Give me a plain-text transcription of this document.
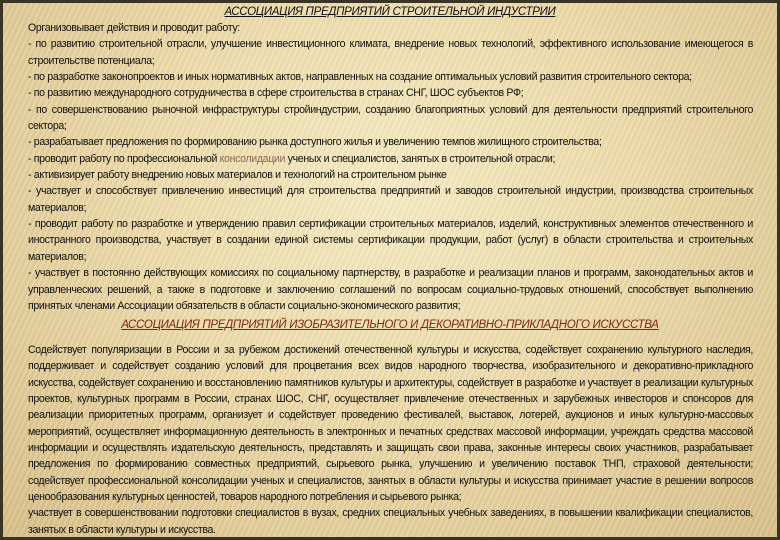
АССОЦИАЦИЯ ПРЕДПРИЯТИЙ СТРОИТЕЛЬНОЙ ИНДУСТРИИ

Организовывает действия и проводит работу:

- по развитию строительной отрасли, улучшение инвестиционного климата, внедрение новых технологий, эффективного использование имеющегося в строительстве потенциала;

- по разработке законопроектов и иных нормативных актов, направленных на создание оптимальных условий развития строительного сектора;

- по развитию международного сотрудничества в сфере строительства в странах СНГ, ШОС субъектов РФ;

- по совершенствованию рыночной инфраструктуры стройиндустрии, созданию благоприятных условий для деятельности предприятий строительного сектора;

- разрабатывает предложения по формированию рынка доступного жилья и увеличению темпов жилищного строительства;

- проводит работу по профессиональной консолидации ученых и специалистов, занятых в строительной отрасли;

- активизирует работу внедрению новых материалов и технологий на строительном рынке

- участвует и способствует привлечению инвестиций для строительства предприятий и заводов строительной индустрии, производства строительных материалов;

- проводит работу по разработке и утверждению правил сертификации строительных материалов, изделий, конструктивных элементов отечественного и иностранного производства, участвует в создании единой системы сертификации продукции, работ (услуг) в области строительства и строительных материалов;

- участвует в постоянно действующих комиссиях по социальному партнерству, в разработке и реализации планов и программ, законодательных актов и управленческих решений, а также в подготовке и заключению соглашений по вопросам социально-трудовых отношений, способствует выполнению принятых членами Ассоциации обязательств в области социально-экономического развития;

АССОЦИАЦИЯ ПРЕДПРИЯТИЙ ИЗОБРАЗИТЕЛЬНОГО И ДЕКОРАТИВНО-ПРИКЛАДНОГО ИСКУССТВА

Содействует популяризации в России и за рубежом достижений отечественной культуры и искусства, содействует сохранению культурного наследия, поддерживает и содействует созданию условий для процветания всех видов народного творчества, изобразительного и декоративно-прикладного искусства, содействует сохранению и восстановлению памятников культуры и архитектуры, содействует в разработке и участвует в реализации культурных проектов, культурных программ в России, странах ШОС, СНГ, осуществляет привлечение отечественных и зарубежных инвесторов и спонсоров для реализации приоритетных программ, организует и содействует проведению фестивалей, выставок, лотерей, аукционов и иных культурно-массовых мероприятий, осуществляет информационную деятельность в электронных и печатных средствах массовой информации, учреждать средства массовой информации и осуществлять издательскую деятельность, представлять и защищать свои права, законные интересы своих участников, разрабатывает предложения по формированию совместных предприятий, сырьевого рынка, улучшению и увеличению поставок ТНП, страховой деятельности; содействует профессиональной консолидации ученых и специалистов, занятых в области культуры и искусства принимает участие в решении вопросов ценообразования культурных ценностей, товаров народного потребления и сырьевого рынка;

участвует в совершенствовании подготовки специалистов в вузах, средних специальных учебных заведениях, в повышении квалификации специалистов, занятых в области культуры и искусства.
